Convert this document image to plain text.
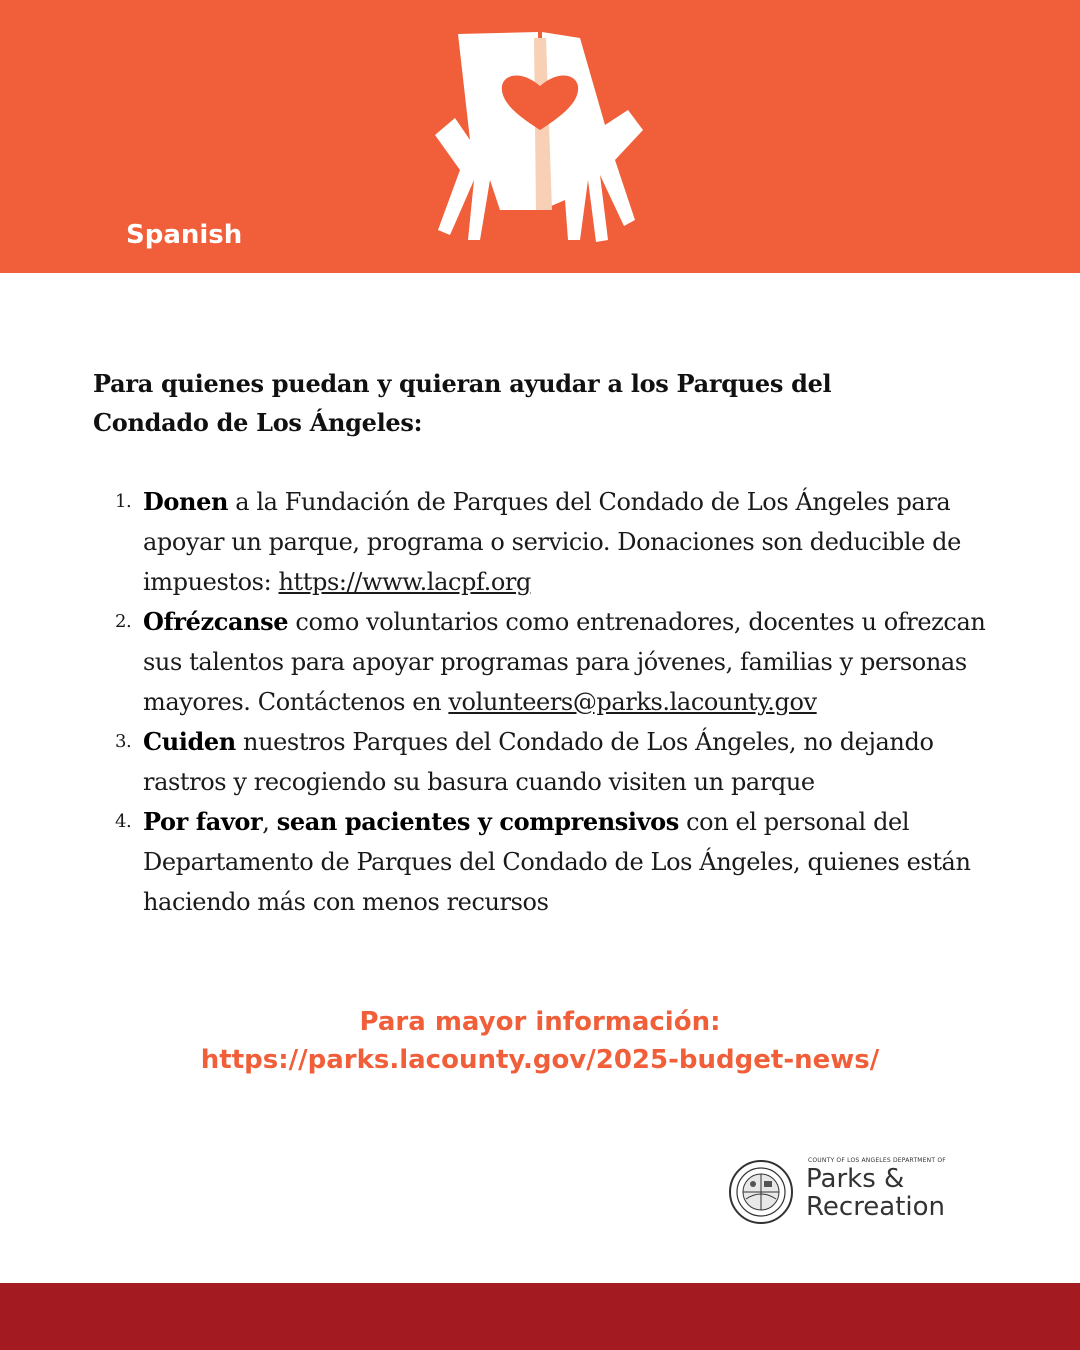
Spanish
Para quienes puedan y quieran ayudar a los Parques del
Condado de Los Ángeles:
1. Donen a la Fundación de Parques del Condado de Los Ángeles para apoyar un parque, programa o servicio. Donaciones son deducible de impuestos: https://www.lacpf.org
2. Ofrézcanse como voluntarios como entrenadores, docentes u ofrezcan sus talentos para apoyar programas para jóvenes, familias y personas mayores. Contáctenos en volunteers@parks.lacounty.gov
3. Cuiden nuestros Parques del Condado de Los Ángeles, no dejando rastros y recogiendo su basura cuando visiten un parque
4. Por favor, sean pacientes y comprensivos con el personal del Departamento de Parques del Condado de Los Ángeles, quienes están haciendo más con menos recursos
Para mayor información:
https://parks.lacounty.gov/2025-budget-news/
COUNTY OF LOS ANGELES DEPARTMENT OF
Parks &
Recreation
